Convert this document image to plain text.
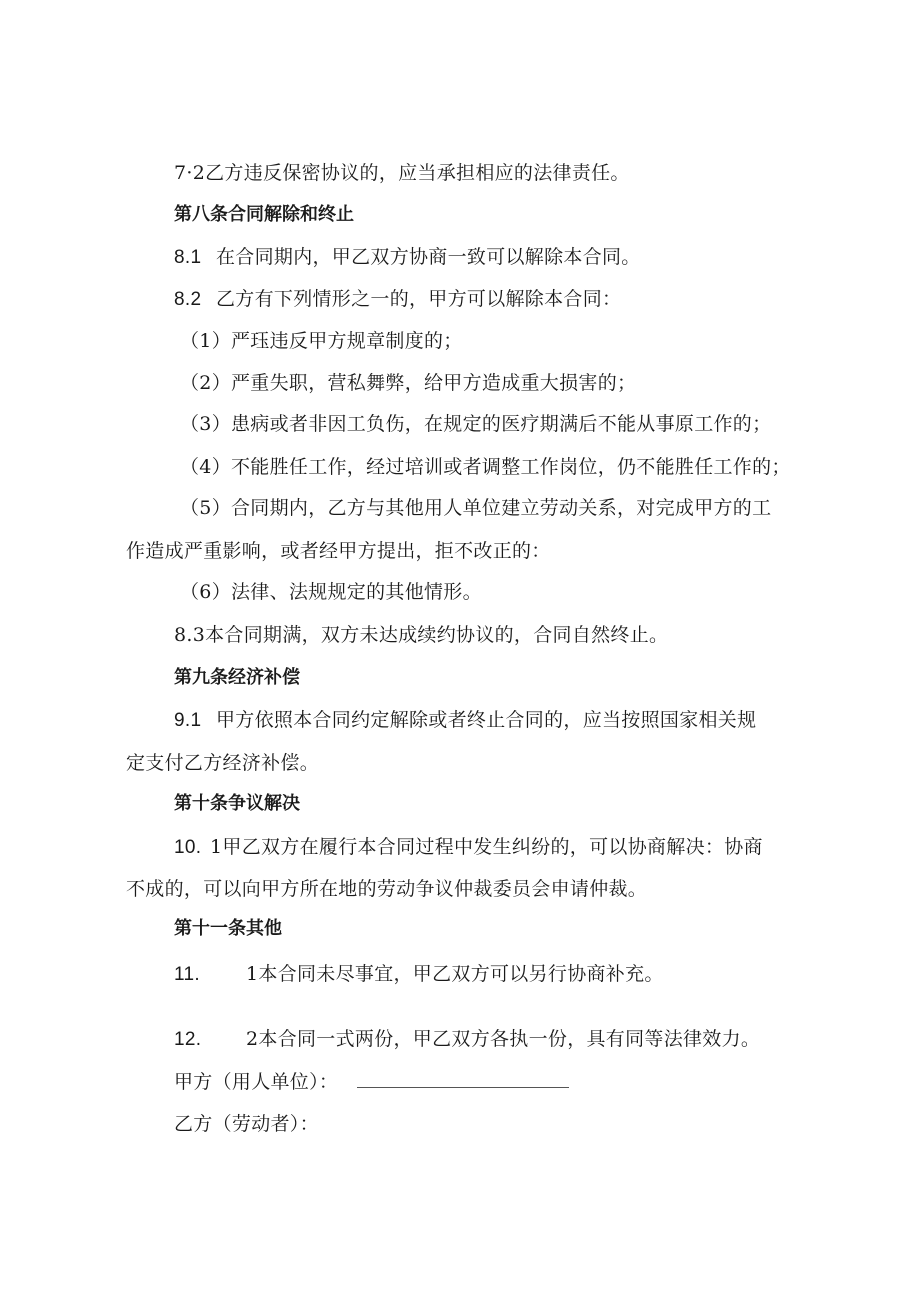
7·2乙方违反保密协议的，应当承担相应的法律责任。
第八条合同解除和终止
8.1 在合同期内，甲乙双方协商一致可以解除本合同。
8.2 乙方有下列情形之一的，甲方可以解除本合同：
（1）严珏违反甲方规章制度的；
（2）严重失职，营私舞弊，给甲方造成重大损害的；
（3）患病或者非因工负伤，在规定的医疗期满后不能从事原工作的；
（4）不能胜任工作，经过培训或者调整工作岗位，仍不能胜任工作的；
（5）合同期内，乙方与其他用人单位建立劳动关系，对完成甲方的工
作造成严重影响，或者经甲方提出，拒不改正的：
（6）法律、法规规定的其他情形。
8.3本合同期满，双方未达成续约协议的，合同自然终止。
第九条经济补偿
9.1 甲方依照本合同约定解除或者终止合同的，应当按照国家相关规
定支付乙方经济补偿。
第十条争议解决
10. 1甲乙双方在履行本合同过程中发生纠纷的，可以协商解决：协商
不成的，可以向甲方所在地的劳动争议仲裁委员会申请仲裁。
第十一条其他
11. 1本合同未尽事宜，甲乙双方可以另行协商补充。
12. 2本合同一式两份，甲乙双方各执一份，具有同等法律效力。
甲方（用人单位）：
乙方（劳动者）：
